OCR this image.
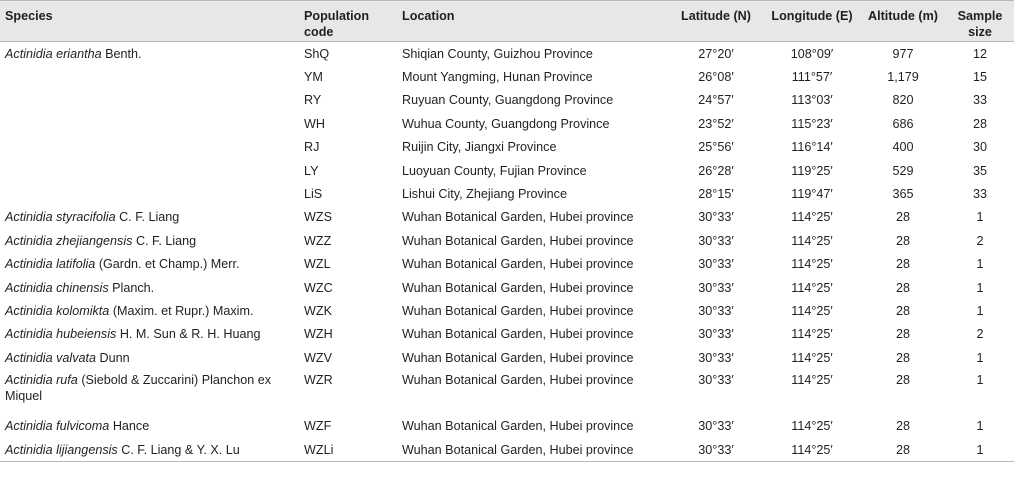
Species	Population code	Location	Latitude (N)	Longitude (E)	Altitude (m)	Sample size
Actinidia eriantha Benth.	ShQ	Shiqian County, Guizhou Province	27°20′	108°09′	977	12
	YM	Mount Yangming, Hunan Province	26°08′	111°57′	1,179	15
	RY	Ruyuan County, Guangdong Province	24°57′	113°03′	820	33
	WH	Wuhua County, Guangdong Province	23°52′	115°23′	686	28
	RJ	Ruijin City, Jiangxi Province	25°56′	116°14′	400	30
	LY	Luoyuan County, Fujian Province	26°28′	119°25′	529	35
	LiS	Lishui City, Zhejiang Province	28°15′	119°47′	365	33
Actinidia styracifolia C. F. Liang	WZS	Wuhan Botanical Garden, Hubei province	30°33′	114°25′	28	1
Actinidia zhejiangensis C. F. Liang	WZZ	Wuhan Botanical Garden, Hubei province	30°33′	114°25′	28	2
Actinidia latifolia (Gardn. et Champ.) Merr.	WZL	Wuhan Botanical Garden, Hubei province	30°33′	114°25′	28	1
Actinidia chinensis Planch.	WZC	Wuhan Botanical Garden, Hubei province	30°33′	114°25′	28	1
Actinidia kolomikta (Maxim. et Rupr.) Maxim.	WZK	Wuhan Botanical Garden, Hubei province	30°33′	114°25′	28	1
Actinidia hubeiensis H. M. Sun & R. H. Huang	WZH	Wuhan Botanical Garden, Hubei province	30°33′	114°25′	28	2
Actinidia valvata Dunn	WZV	Wuhan Botanical Garden, Hubei province	30°33′	114°25′	28	1
Actinidia rufa (Siebold & Zuccarini) Planchon ex Miquel	WZR	Wuhan Botanical Garden, Hubei province	30°33′	114°25′	28	1
Actinidia fulvicoma Hance	WZF	Wuhan Botanical Garden, Hubei province	30°33′	114°25′	28	1
Actinidia lijiangensis C. F. Liang & Y. X. Lu	WZLi	Wuhan Botanical Garden, Hubei province	30°33′	114°25′	28	1
